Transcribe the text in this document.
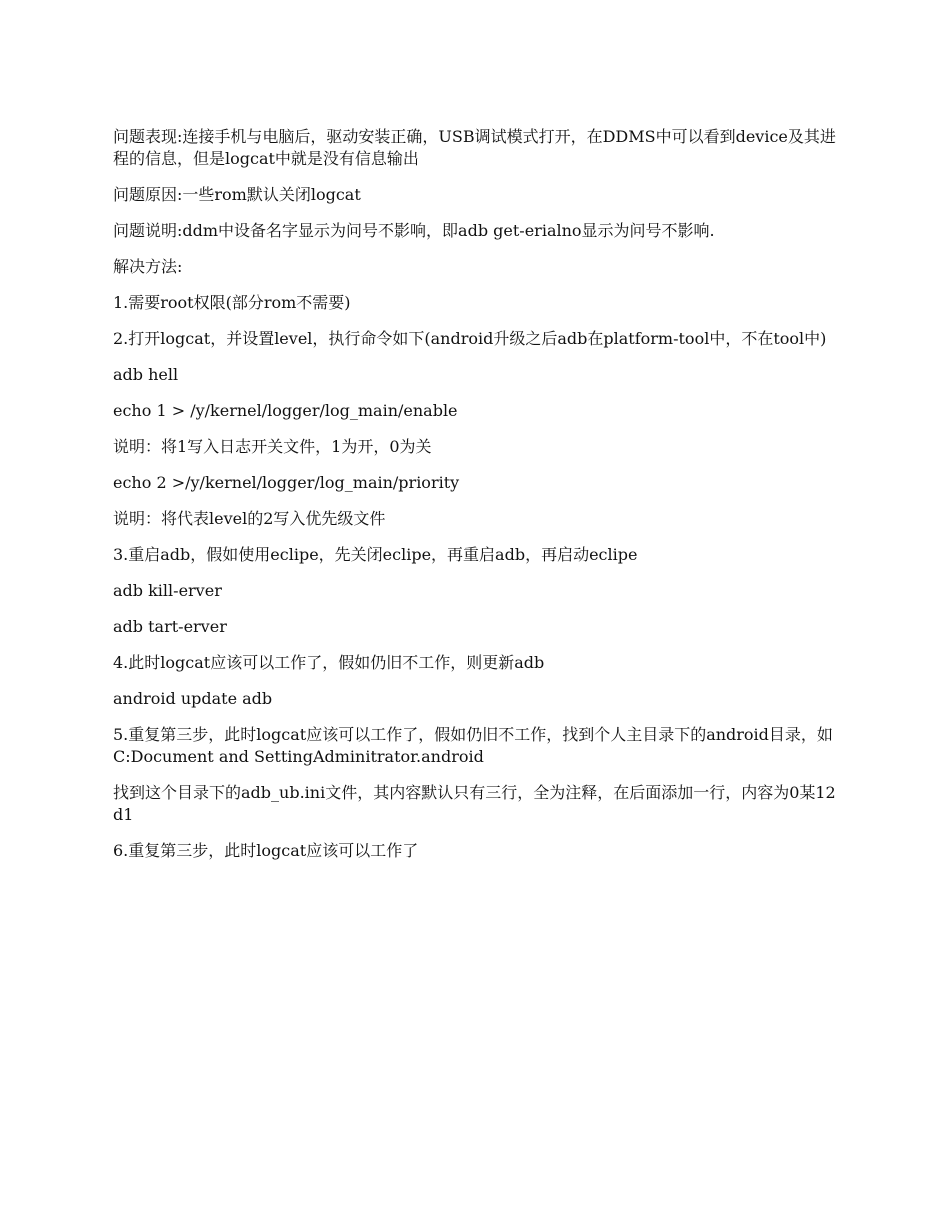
问题表现:连接手机与电脑后，驱动安装正确，USB调试模式打开，在DDMS中可以看到device及其进程的信息，但是logcat中就是没有信息输出

问题原因:一些rom默认关闭logcat

问题说明:ddm中设备名字显示为问号不影响，即adb get-erialno显示为问号不影响.

解决方法:

1.需要root权限(部分rom不需要)

2.打开logcat，并设置level，执行命令如下(android升级之后adb在platform-tool中，不在tool中)

adb hell

echo 1 > /y/kernel/logger/log_main/enable

说明：将1写入日志开关文件，1为开，0为关

echo 2 >/y/kernel/logger/log_main/priority

说明：将代表level的2写入优先级文件

3.重启adb，假如使用eclipe，先关闭eclipe，再重启adb，再启动eclipe

adb kill-erver

adb tart-erver

4.此时logcat应该可以工作了，假如仍旧不工作，则更新adb

android update adb

5.重复第三步，此时logcat应该可以工作了，假如仍旧不工作，找到个人主目录下的android目录，如C:Document and SettingAdminitrator.android

找到这个目录下的adb_ub.ini文件，其内容默认只有三行，全为注释，在后面添加一行，内容为0某12d1

6.重复第三步，此时logcat应该可以工作了
